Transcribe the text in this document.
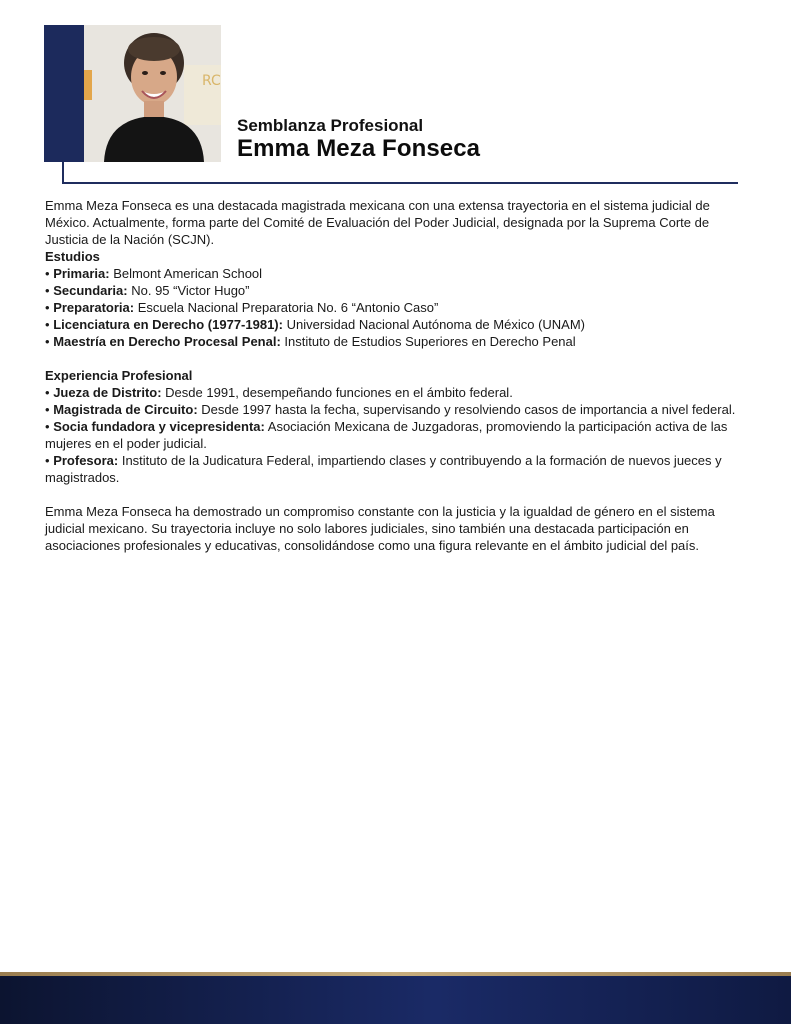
RC
Semblanza Profesional
Emma Meza Fonseca

Emma Meza Fonseca es una destacada magistrada mexicana con una extensa trayectoria en el sistema judicial de México. Actualmente, forma parte del Comité de Evaluación del Poder Judicial, designada por la Suprema Corte de Justicia de la Nación (SCJN).

Estudios

• Primaria: Belmont American School
• Secundaria: No. 95 “Victor Hugo”
• Preparatoria: Escuela Nacional Preparatoria No. 6 “Antonio Caso”
• Licenciatura en Derecho (1977-1981): Universidad Nacional Autónoma de México (UNAM)
• Maestría en Derecho Procesal Penal: Instituto de Estudios Superiores en Derecho Penal

Experiencia Profesional

• Jueza de Distrito: Desde 1991, desempeñando funciones en el ámbito federal.
• Magistrada de Circuito: Desde 1997 hasta la fecha, supervisando y resolviendo casos de importancia a nivel federal.
• Socia fundadora y vicepresidenta: Asociación Mexicana de Juzgadoras, promoviendo la participación activa de las mujeres en el poder judicial.
• Profesora: Instituto de la Judicatura Federal, impartiendo clases y contribuyendo a la formación de nuevos jueces y magistrados.

Emma Meza Fonseca ha demostrado un compromiso constante con la justicia y la igualdad de género en el sistema judicial mexicano. Su trayectoria incluye no solo labores judiciales, sino también una destacada participación en asociaciones profesionales y educativas, consolidándose como una figura relevante en el ámbito judicial del país.
